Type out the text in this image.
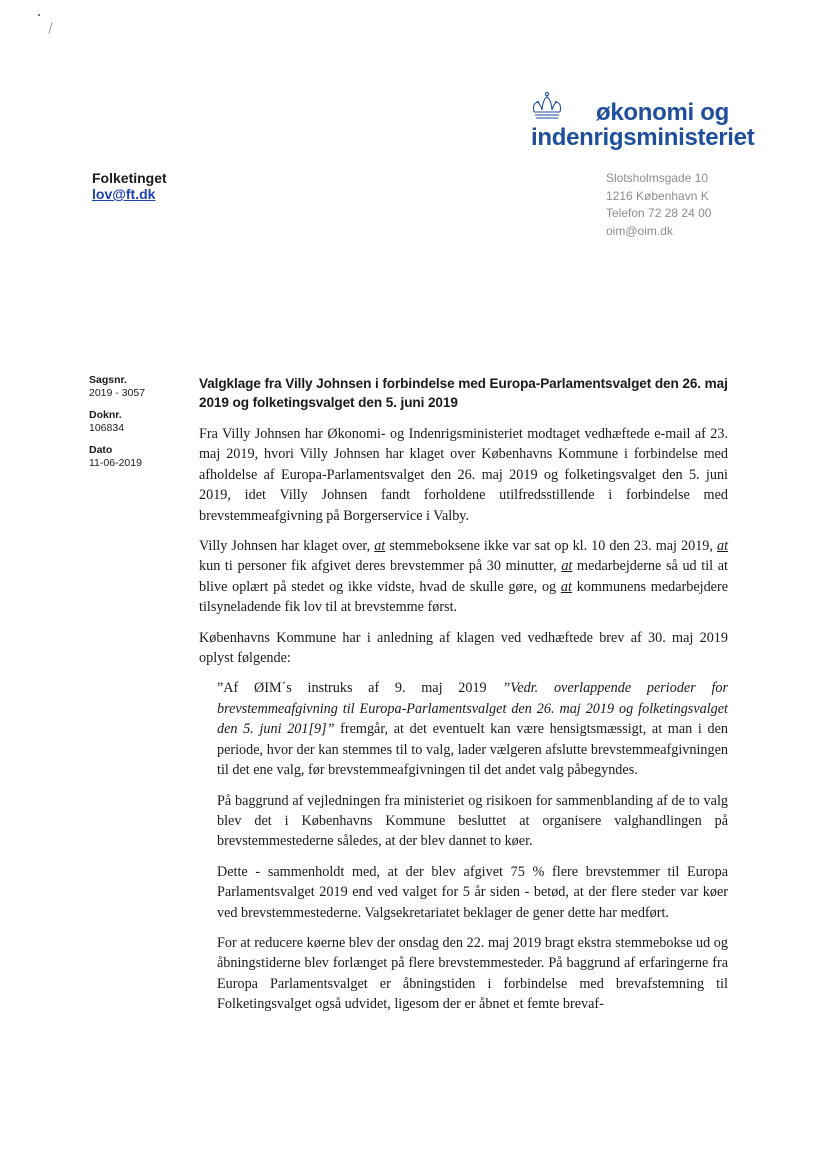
økonomi og
indenrigsministeriet
Folketinget
lov@ft.dk
Slotsholmsgade 10
1216 København K
Telefon 72 28 24 00
oim@oim.dk
Sagsnr.
2019 - 3057
Doknr.
106834
Dato
11-06-2019
Valgklage fra Villy Johnsen i forbindelse med Europa-Parlamentsvalget den 26. maj 2019 og folketingsvalget den 5. juni 2019

Fra Villy Johnsen har Økonomi- og Indenrigsministeriet modtaget vedhæftede e-mail af 23. maj 2019, hvori Villy Johnsen har klaget over Københavns Kommune i forbindelse med afholdelse af Europa-Parlamentsvalget den 26. maj 2019 og folketingsvalget den 5. juni 2019, idet Villy Johnsen fandt forholdene utilfredsstillende i forbindelse med brevstemmeafgivning på Borgerservice i Valby.

Villy Johnsen har klaget over, at stemmeboksene ikke var sat op kl. 10 den 23. maj 2019, at kun ti personer fik afgivet deres brevstemmer på 30 minutter, at medarbejderne så ud til at blive oplært på stedet og ikke vidste, hvad de skulle gøre, og at kommunens medarbejdere tilsyneladende fik lov til at brevstemme først.

Københavns Kommune har i anledning af klagen ved vedhæftede brev af 30. maj 2019 oplyst følgende:

”Af ØIM´s instruks af 9. maj 2019 ”Vedr. overlappende perioder for brevstemmeafgivning til Europa-Parlamentsvalget den 26. maj 2019 og folketingsvalget den 5. juni 201[9]” fremgår, at det eventuelt kan være hensigtsmæssigt, at man i den periode, hvor der kan stemmes til to valg, lader vælgeren afslutte brevstemmeafgivningen til det ene valg, før brevstemmeafgivningen til det andet valg påbegyndes.

På baggrund af vejledningen fra ministeriet og risikoen for sammenblanding af de to valg blev det i Københavns Kommune besluttet at organisere valghandlingen på brevstemmestederne således, at der blev dannet to køer.

Dette - sammenholdt med, at der blev afgivet 75 % flere brevstemmer til Europa Parlamentsvalget 2019 end ved valget for 5 år siden - betød, at der flere steder var køer ved brevstemmestederne. Valgsekretariatet beklager de gener dette har medført.

For at reducere køerne blev der onsdag den 22. maj 2019 bragt ekstra stemmebokse ud og åbningstiderne blev forlænget på flere brevstemmesteder. På baggrund af erfaringerne fra Europa Parlamentsvalget er åbningstiden i forbindelse med brevafstemning til Folketingsvalget også udvidet, ligesom der er åbnet et femte brevaf-
